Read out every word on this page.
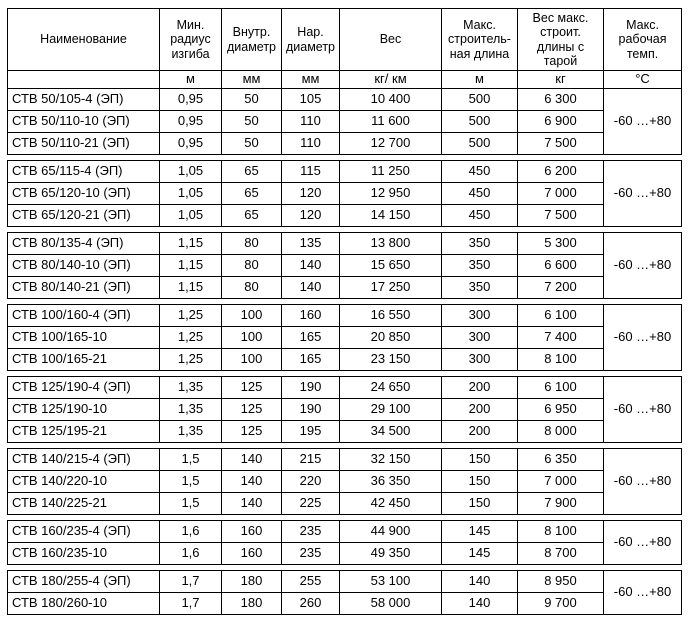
Наименование	Мин. радиус изгиба	Внутр. диаметр	Нар. диаметр	Вес	Макс. строитель-ная длина	Вес макс. строит. длины с тарой	Макс. рабочая темп.
	м	мм	мм	кг/ км	м	кг	°С
СТВ 50/105-4 (ЭП)	0,95	50	105	10 400	500	6 300	-60 …+80
СТВ 50/110-10 (ЭП)	0,95	50	110	11 600	500	6 900	
СТВ 50/110-21 (ЭП)	0,95	50	110	12 700	500	7 500	

СТВ 65/115-4 (ЭП)	1,05	65	115	11 250	450	6 200	-60 …+80
СТВ 65/120-10 (ЭП)	1,05	65	120	12 950	450	7 000	
СТВ 65/120-21 (ЭП)	1,05	65	120	14 150	450	7 500	

СТВ 80/135-4 (ЭП)	1,15	80	135	13 800	350	5 300	-60 …+80
СТВ 80/140-10 (ЭП)	1,15	80	140	15 650	350	6 600	
СТВ 80/140-21 (ЭП)	1,15	80	140	17 250	350	7 200	

СТВ 100/160-4 (ЭП)	1,25	100	160	16 550	300	6 100	-60 …+80
СТВ 100/165-10	1,25	100	165	20 850	300	7 400	
СТВ 100/165-21	1,25	100	165	23 150	300	8 100	

СТВ 125/190-4 (ЭП)	1,35	125	190	24 650	200	6 100	-60 …+80
СТВ 125/190-10	1,35	125	190	29 100	200	6 950	
СТВ 125/195-21	1,35	125	195	34 500	200	8 000	

СТВ 140/215-4 (ЭП)	1,5	140	215	32 150	150	6 350	-60 …+80
СТВ 140/220-10	1,5	140	220	36 350	150	7 000	
СТВ 140/225-21	1,5	140	225	42 450	150	7 900	

СТВ 160/235-4 (ЭП)	1,6	160	235	44 900	145	8 100	-60 …+80
СТВ 160/235-10	1,6	160	235	49 350	145	8 700	

СТВ 180/255-4 (ЭП)	1,7	180	255	53 100	140	8 950	-60 …+80
СТВ 180/260-10	1,7	180	260	58 000	140	9 700	
